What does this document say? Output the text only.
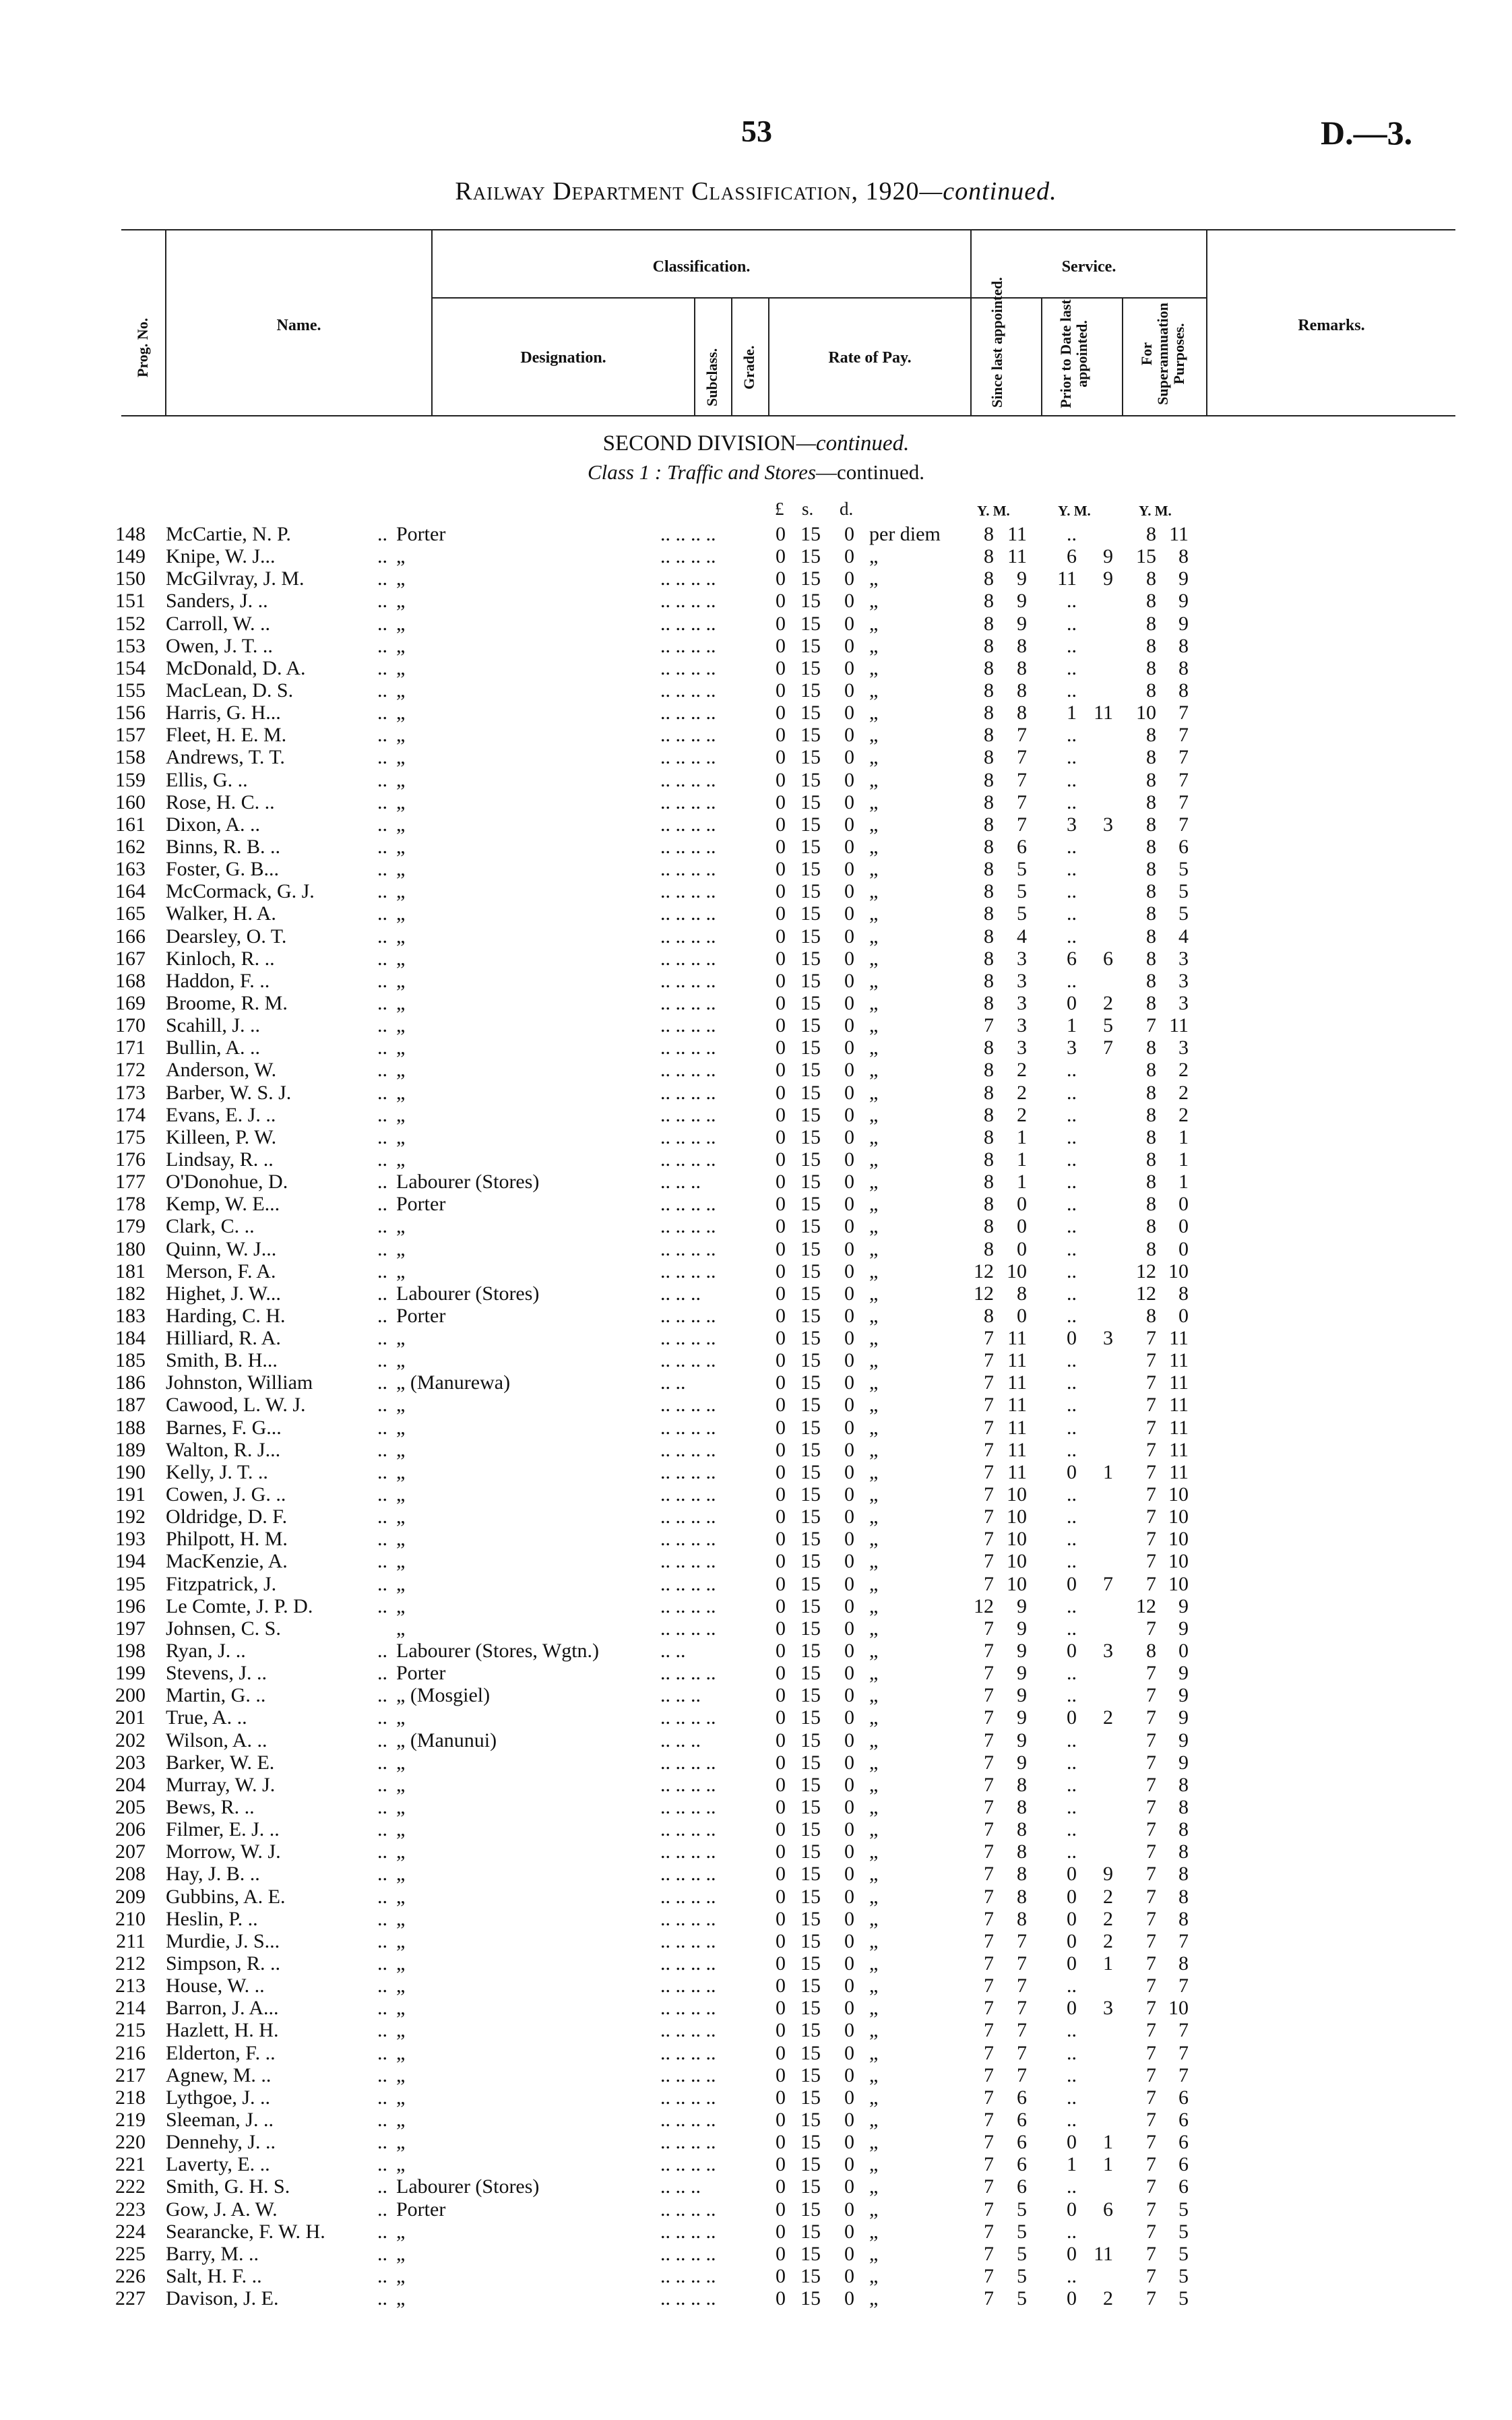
53	D.—3.
Railway Department Classification, 1920—continued.
Prog. No.	Name.
Classification.
Designation.	Subclass. Grade.	Rate of Pay.
Service.
Since last appointed.	Prior to Date last appointed.	For Superannuation Purposes.	Remarks.
SECOND DIVISION—continued.
Class 1 : Traffic and Stores—continued.
£ s. d.	Y. M.	Y. M.	Y. M.
148 McCartie, N. P.	Porter	.. .. .. ..	0 15 0 per diem	8 11	..	8 11
..
149 Knipe, W. J...	„	.. .. .. ..	0 15 0 „	8 11	6	9	15	8
..
150 McGilvray, J. M.	„	.. .. .. ..	0 15 0 „	8	9	11	9	8	9
..
151 Sanders, J. ..	„	.. .. .. ..	0 15 0 „	8	9	..	8	9
..
152 Carroll, W. ..	„	.. .. .. ..	0 15 0 „	8	9	..	8	9
..
153 Owen, J. T. ..	„	.. .. .. ..	0 15 0 „	8	8	..	8	8
..
154 McDonald, D. A.	„	.. .. .. ..	0 15 0 „	8	8	..	8	8
..
155 MacLean, D. S.	„	.. .. .. ..	0 15 0 „	8	8	..	8	8
..
156 Harris, G. H...	„	.. .. .. ..	0 15 0 „	8	8	1 11	10	7
..
157 Fleet, H. E. M.	„	.. .. .. ..	0 15 0 „	8	7	..	8	7
..
158 Andrews, T. T.	„	.. .. .. ..	0 15 0 „	8	7	..	8	7
..
159 Ellis, G. ..	„	.. .. .. ..	0 15 0 „	8	7	..	8	7
..
160 Rose, H. C. ..	„	.. .. .. ..	0 15 0 „	8	7	..	8	7
..
161 Dixon, A. ..	„	.. .. .. ..	0 15 0 „	8	7	3	3	8	7
..
162 Binns, R. B. ..	„	.. .. .. ..	0 15 0 „	8	6	..	8	6
..
163 Foster, G. B...	„	.. .. .. ..	0 15 0 „	8	5	..	8	5
..
164 McCormack, G. J.	„	.. .. .. ..	0 15 0 „	8	5	..	8	5
..
165 Walker, H. A.	„	.. .. .. ..	0 15 0 „	8	5	..	8	5
..
166 Dearsley, O. T.	„	.. .. .. ..	0 15 0 „	8	4	..	8	4
..
167 Kinloch, R. ..	„	.. .. .. ..	0 15 0 „	8	3	6	6	8	3
..
168 Haddon, F. ..	„	.. .. .. ..	0 15 0 „	8	3	..	8	3
..
169 Broome, R. M.	„	.. .. .. ..	0 15 0 „	8	3	0	2	8	3
..
170 Scahill, J. ..	„	.. .. .. ..	0 15 0 „	7	3	1	5	7 11
..
171 Bullin, A. ..	„	.. .. .. ..	0 15 0 „	8	3	3	7	8	3
..
172 Anderson, W.	„	.. .. .. ..	0 15 0 „	8	2	..	8	2
..
173 Barber, W. S. J.	„	.. .. .. ..	0 15 0 „	8	2	..	8	2
..
174 Evans, E. J. ..	„	.. .. .. ..	0 15 0 „	8	2	..	8	2
..
175 Killeen, P. W.	„	.. .. .. ..	0 15 0 „	8	1	..	8	1
..
176 Lindsay, R. ..	„	.. .. .. ..	0 15 0 „	8	1	..	8	1
..
177 O'Donohue, D.	Labourer (Stores)	.. .. ..	0 15 0 „	8	1	..	8	1
..
178 Kemp, W. E...	Porter	.. .. .. ..	0 15 0 „	8	0	..	8	0
..
179 Clark, C. ..	„	.. .. .. ..	0 15 0 „	8	0	..	8	0
..
180 Quinn, W. J...	„	.. .. .. ..	0 15 0 „	8	0	..	8	0
..
181 Merson, F. A.	„	.. .. .. ..	0 15 0 „	12 10	..	12 10
..
182 Highet, J. W...	Labourer (Stores)	.. .. ..	0 15 0 „	12	8	..	12	8
..
183 Harding, C. H.	Porter	.. .. .. ..	0 15 0 „	8	0	..	8	0
..
184 Hilliard, R. A.	„	.. .. .. ..	0 15 0 „	7 11	0	3	7 11
..
185 Smith, B. H...	„	.. .. .. ..	0 15 0 „	7 11	..	7 11
..
186 Johnston, William	„ (Manurewa)	.. ..	0 15 0 „	7 11	..	7 11
..
187 Cawood, L. W. J.	„	.. .. .. ..	0 15 0 „	7 11	..	7 11
..
188 Barnes, F. G...	„	.. .. .. ..	0 15 0 „	7 11	..	7 11
..
189 Walton, R. J...	„	.. .. .. ..	0 15 0 „	7 11	..	7 11
..
190 Kelly, J. T. ..	„	.. .. .. ..	0 15 0 „	7 11	0	1	7 11
..
191 Cowen, J. G. ..	„	.. .. .. ..	0 15 0 „	7 10	..	7 10
..
192 Oldridge, D. F.	„	.. .. .. ..	0 15 0 „	7 10	..	7 10
..
193 Philpott, H. M.	„	.. .. .. ..	0 15 0 „	7 10	..	7 10
..
194 MacKenzie, A.	„	.. .. .. ..	0 15 0 „	7 10	..	7 10
..
195 Fitzpatrick, J.	„	.. .. .. ..	0 15 0 „	7 10	0	7	7 10
..
196 Le Comte, J. P. D.	„	.. .. .. ..	0 15 0 „	12	9	..	12	9
..
197 Johnsen, C. S.	„	.. .. .. ..	0 15 0 „	7	9	..	7	9
198 Ryan, J. ..	Labourer (Stores, Wgtn.)	.. ..	0 15 0 „	7	9	0	3	8	0
..
199 Stevens, J. ..	Porter	.. .. .. ..	0 15 0 „	7	9	..	7	9
..
200 Martin, G. ..	„ (Mosgiel)	.. .. ..	0 15 0 „	7	9	..	7	9
..
201 True, A. ..	„	.. .. .. ..	0 15 0 „	7	9	0	2	7	9
..
202 Wilson, A. ..	„ (Manunui)	.. .. ..	0 15 0 „	7	9	..	7	9
..
203 Barker, W. E.	„	.. .. .. ..	0 15 0 „	7	9	..	7	9
..
204 Murray, W. J.	„	.. .. .. ..	0 15 0 „	7	8	..	7	8
..
205 Bews, R. ..	„	.. .. .. ..	0 15 0 „	7	8	..	7	8
..
206 Filmer, E. J. ..	„	.. .. .. ..	0 15 0 „	7	8	..	7	8
..
207 Morrow, W. J.	„	.. .. .. ..	0 15 0 „	7	8	..	7	8
..
208 Hay, J. B. ..	„	.. .. .. ..	0 15 0 „	7	8	0	9	7	8
..
209 Gubbins, A. E.	„	.. .. .. ..	0 15 0 „	7	8	0	2	7	8
..
210 Heslin, P. ..	„	.. .. .. ..	0 15 0 „	7	8	0	2	7	8
..
211 Murdie, J. S...	„	.. .. .. ..	0 15 0 „	7	7	0	2	7	7
..
212 Simpson, R. ..	„	.. .. .. ..	0 15 0 „	7	7	0	1	7	8
..
213 House, W. ..	„	.. .. .. ..	0 15 0 „	7	7	..	7	7
..
214 Barron, J. A...	„	.. .. .. ..	0 15 0 „	7	7	0	3	7 10
..
215 Hazlett, H. H.	„	.. .. .. ..	0 15 0 „	7	7	..	7	7
..
216 Elderton, F. ..	„	.. .. .. ..	0 15 0 „	7	7	..	7	7
..
217 Agnew, M. ..	„	.. .. .. ..	0 15 0 „	7	7	..	7	7
..
218 Lythgoe, J. ..	„	.. .. .. ..	0 15 0 „	7	6	..	7	6
..
219 Sleeman, J. ..	„	.. .. .. ..	0 15 0 „	7	6	..	7	6
..
220 Dennehy, J. ..	„	.. .. .. ..	0 15 0 „	7	6	0	1	7	6
..
221 Laverty, E. ..	„	.. .. .. ..	0 15 0 „	7	6	1	1	7	6
..
222 Smith, G. H. S.	Labourer (Stores)	.. .. ..	0 15 0 „	7	6	..	7	6
..
223 Gow, J. A. W.	Porter	.. .. .. ..	0 15 0 „	7	5	0	6	7	5
..
224 Searancke, F. W. H.	„	.. .. .. ..	0 15 0 „	7	5	..	7	5
..
225 Barry, M. ..	„	.. .. .. ..	0 15 0 „	7	5	0 11	7	5
..
226 Salt, H. F. ..	„	.. .. .. ..	0 15 0 „	7	5	..	7	5
..
227 Davison, J. E.	„	.. .. .. ..	0 15 0 „	7	5	0	2	7	5
..
